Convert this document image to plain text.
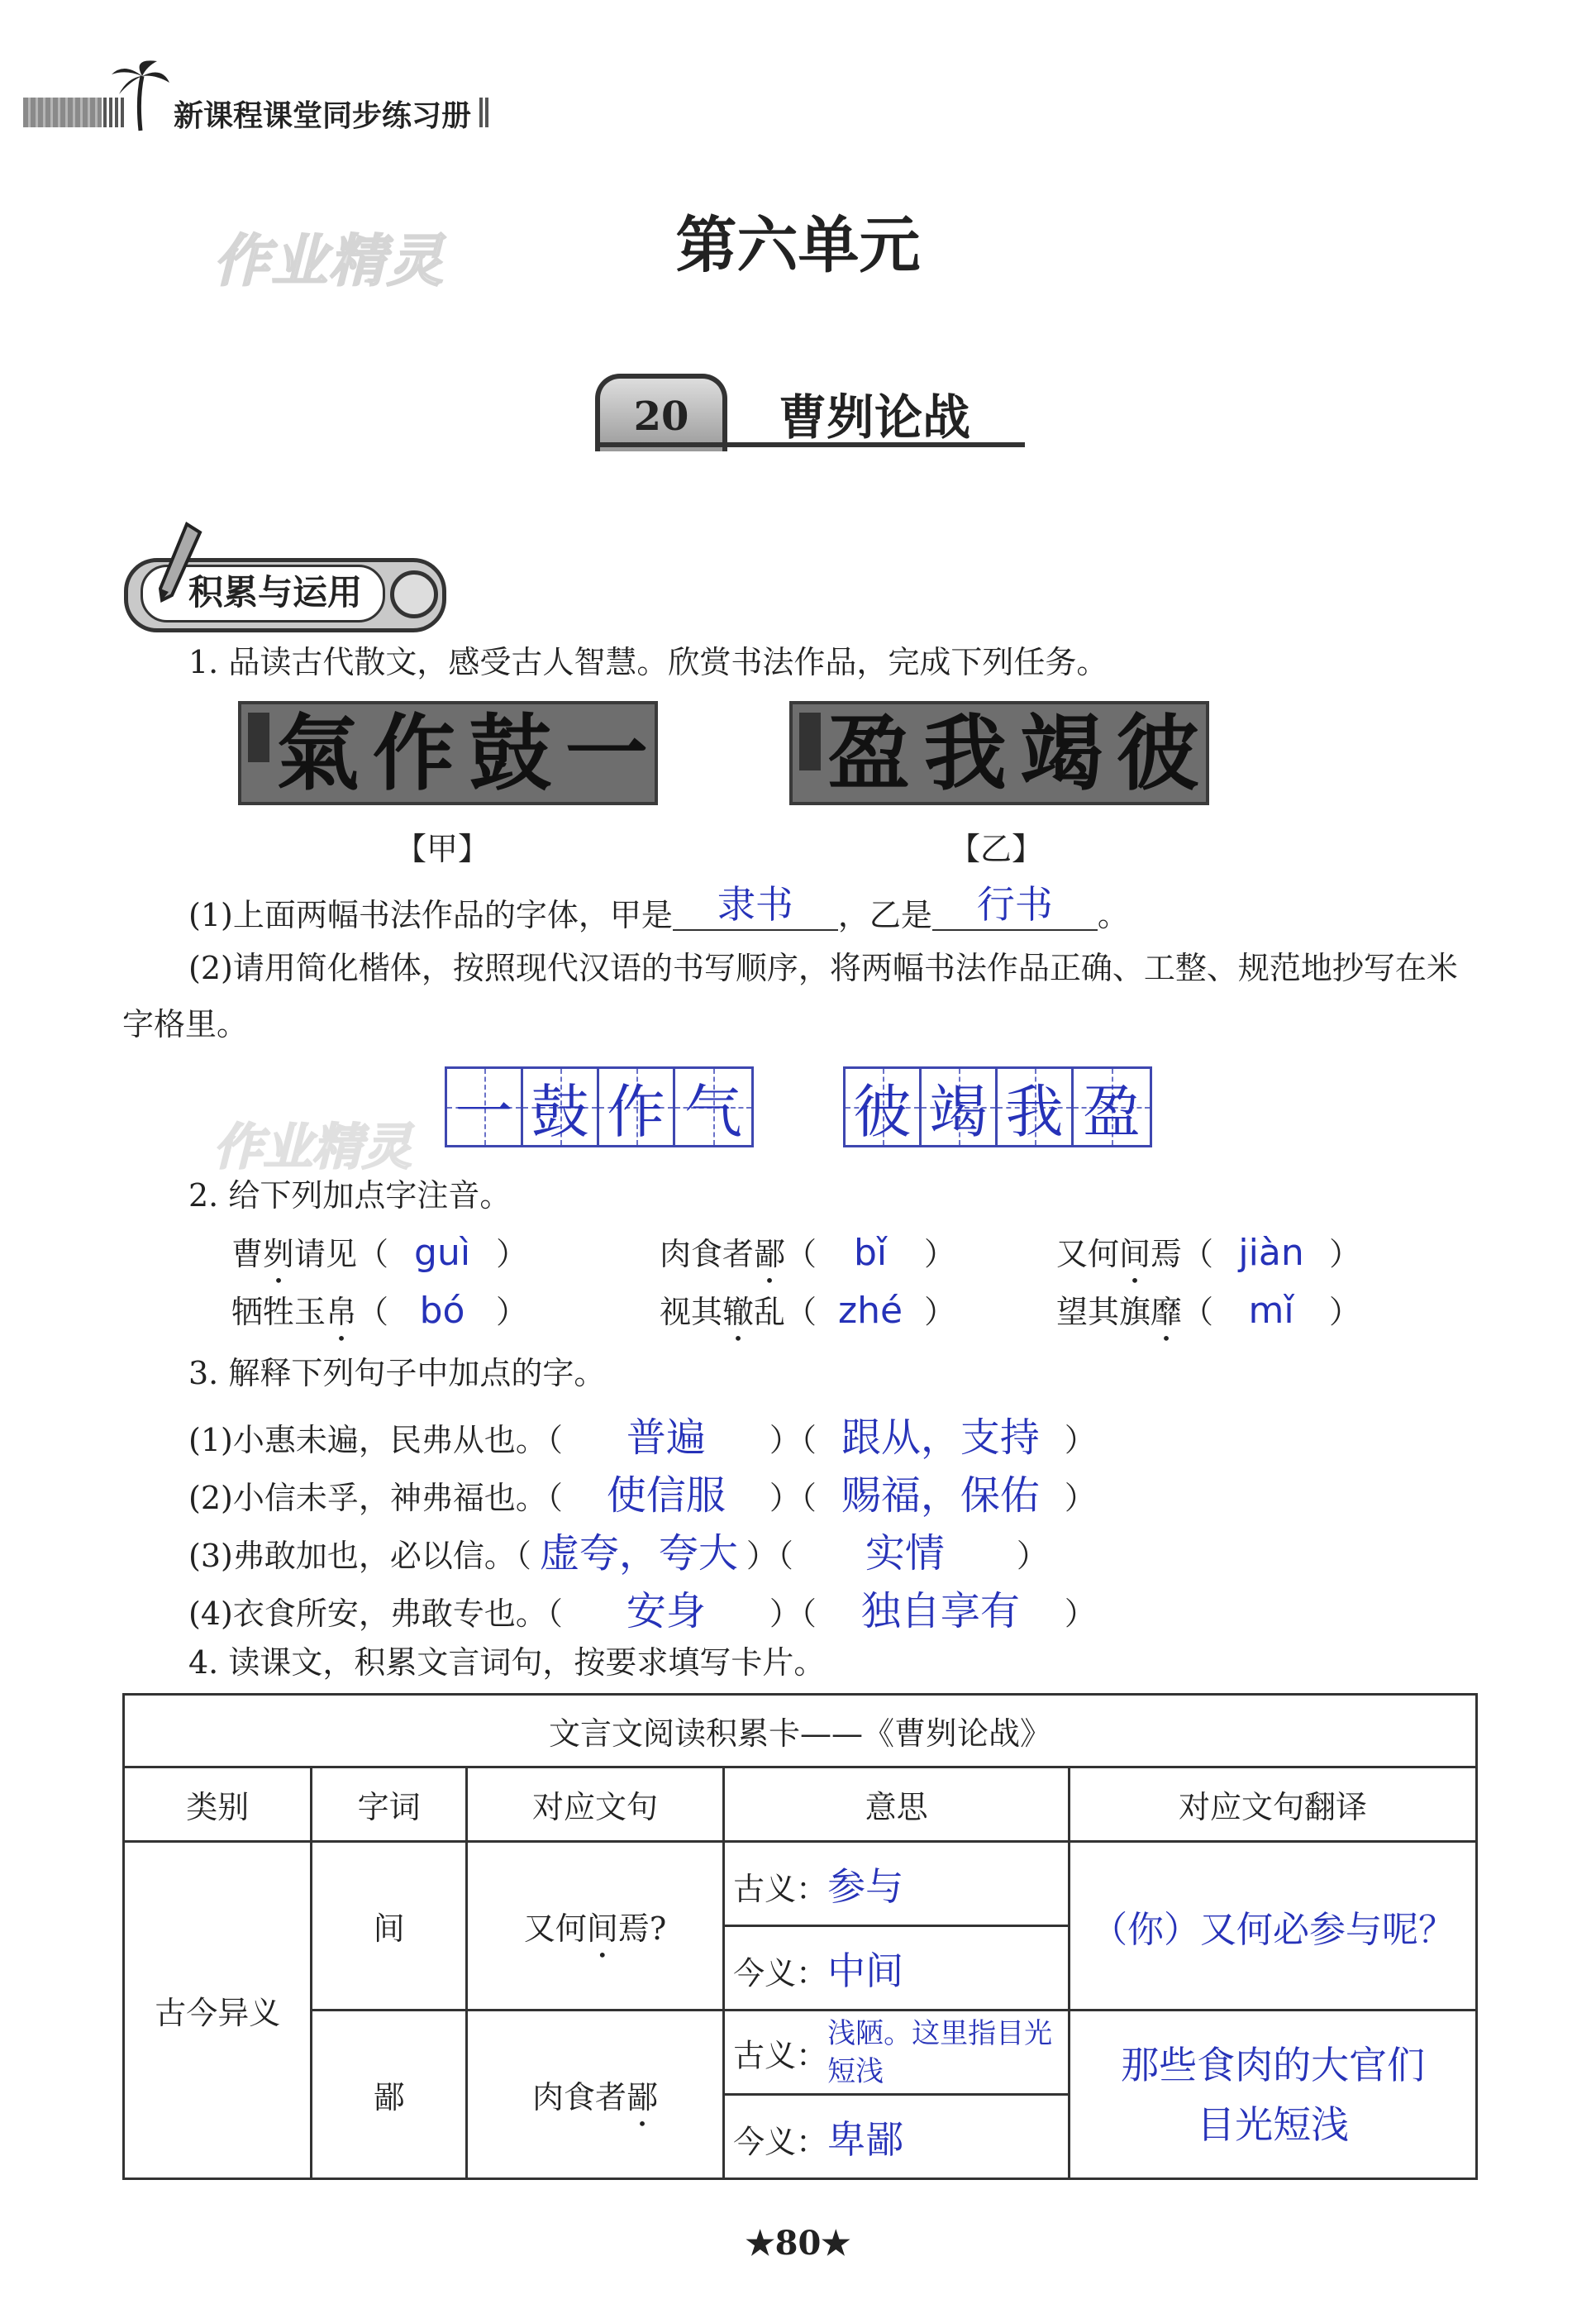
新课程课堂同步练习册
作业精灵
作业精灵
第六单元
20	曹刿论战
积累与运用
1. 品读古代散文，感受古人智慧。欣赏书法作品，完成下列任务。
氣 作 鼓 一 盈 我 竭 彼
【甲】	【乙】
(1)上面两幅书法作品的字体，甲是 隶书 ，乙是 行书 。
(2)请用简化楷体，按照现代汉语的书写顺序，将两幅书法作品正确、工整、规范地抄写在米
字格里。
一 鼓 作 气 彼 竭 我 盈
2. 给下列加点字注音。
曹刿请见（ guì ）	肉食者鄙（ bǐ ）	又何间焉（ jiàn ）
牺牲玉帛（ bó ）	视其辙乱（ zhé ）	望其旗靡（ mǐ ）
3. 解释下列句子中加点的字。
(1)小惠未遍，民弗从也。（ 普遍 ）（ 跟从，支持 ）
(2)小信未孚，神弗福也。（ 使信服 ）（ 赐福，保佑 ）
(3)弗敢加也，必以信。（ 虚夸，夸大 ）（ 实情 ）
(4)衣食所安，弗敢专也。（ 安身 ）（ 独自享有 ）
4. 读课文，积累文言词句，按要求填写卡片。
文言文阅读积累卡——《曹刿论战》				
类别	字词	对应文句	意思	对应文句翻译
古今异义	间	又何间焉?	古义：参与	（你）又何必参与呢？
			今义：中间	
	鄙	肉食者鄙	古义：浅陋。这里指目光短浅	那些食肉的大官们目光短浅
			今义：卑鄙	
★80★
